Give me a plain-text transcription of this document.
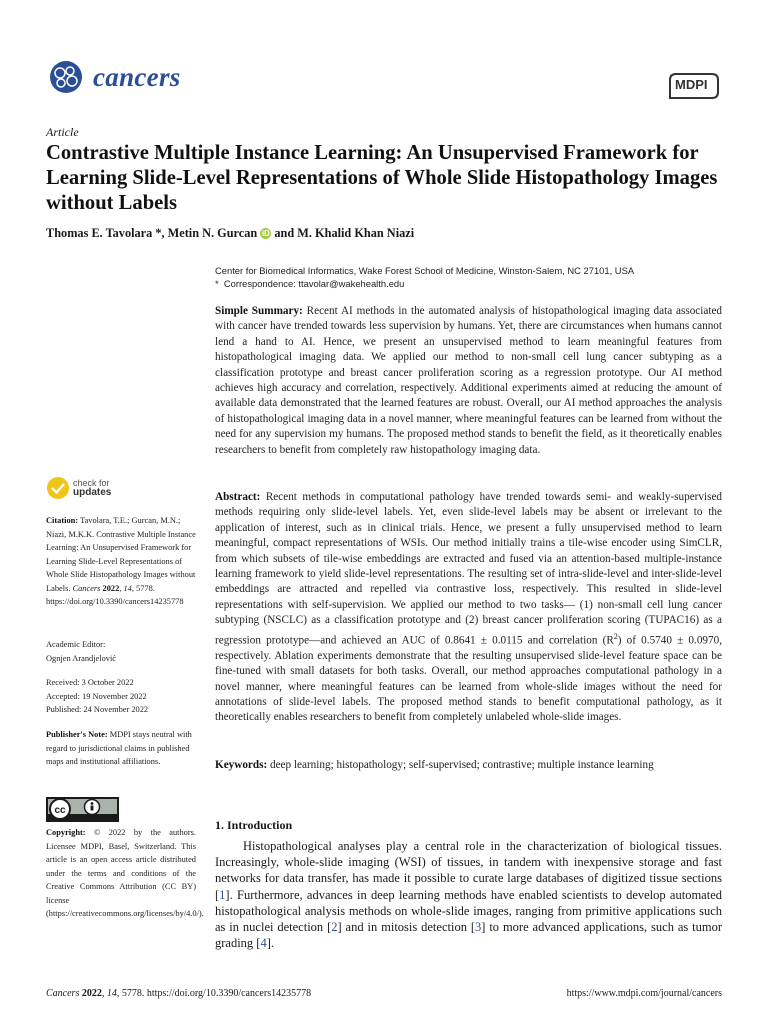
cancers	MDPI
Article
Contrastive Multiple Instance Learning: An Unsupervised Framework for Learning Slide-Level Representations of Whole Slide Histopathology Images without Labels
Thomas E. Tavolara *, Metin N. Gurcan iD and M. Khalid Khan Niazi
Center for Biomedical Informatics, Wake Forest School of Medicine, Winston-Salem, NC 27101, USA
* Correspondence: ttavolar@wakehealth.edu
Simple Summary: Recent AI methods in the automated analysis of histopathological imaging data associated with cancer have trended towards less supervision by humans. Yet, there are circumstances when humans cannot lend a hand to AI. Hence, we present an unsupervised method to learn meaningful features from histopathological imaging data. We applied our method to non-small cell lung cancer subtyping as a classification prototype and breast cancer proliferation scoring as a regression prototype. Our AI method achieves high accuracy and correlation, respectively. Additional experiments aimed at reducing the amount of available data demonstrated that the learned features are robust. Overall, our AI method approaches the analysis of histopathological imaging data in a novel manner, where meaningful features can be learned from without the need for any supervision my humans. The proposed method stands to benefit the field, as it theoretically enables researchers to benefit from completely raw histopathology imaging data.
Abstract: Recent methods in computational pathology have trended towards semi- and weakly-supervised methods requiring only slide-level labels. Yet, even slide-level labels may be absent or irrelevant to the application of interest, such as in clinical trials. Hence, we present a fully unsupervised method to learn meaningful, compact representations of WSIs. Our method initially trains a tile-wise encoder using SimCLR, from which subsets of tile-wise embeddings are extracted and fused via an attention-based multiple-instance learning framework to yield slide-level representations. The resulting set of intra-slide-level and inter-slide-level embeddings are attracted and repelled via contrastive loss, respectively. This resulted in slide-level representations with self-supervision. We applied our method to two tasks— (1) non-small cell lung cancer subtyping (NSCLC) as a classification prototype and (2) breast cancer proliferation scoring (TUPAC16) as a regression prototype—and achieved an AUC of 0.8641 ± 0.0115 and correlation $(R^2)$ of 0.5740 ± 0.0970, respectively. Ablation experiments demonstrate that the resulting unsupervised slide-level feature space can be fine-tuned with small datasets for both tasks. Overall, our method approaches computational pathology in a novel manner, where meaningful features can be learned from whole-slide images without the need for annotations of slide-level labels. The proposed method stands to benefit computational pathology, as it theoretically enables researchers to benefit from completely unlabeled whole-slide images.
Keywords: deep learning; histopathology; self-supervised; contrastive; multiple instance learning
1. Introduction
Histopathological analyses play a central role in the characterization of biological tissues. Increasingly, whole-slide imaging (WSI) of tissues, in tandem with inexpensive storage and fast networks for data transfer, has made it possible to curate large databases of digitized tissue sections [1]. Furthermore, advances in deep learning methods have enabled scientists to develop automated histopathological analysis methods on whole-slide images, ranging from primitive applications such as in nuclei detection [2] and in mitosis detection [3] to more advanced applications, such as tumor grading [4].
check for
updates
Citation: Tavolara, T.E.; Gurcan, M.N.; Niazi, M.K.K. Contrastive Multiple Instance Learning: An Unsupervised Framework for Learning Slide-Level Representations of Whole Slide Histopathology Images without Labels. Cancers 2022, 14, 5778. https://doi.org/10.3390/cancers14235778
Academic Editor:
Ognjen Arandjelović
Received: 3 October 2022
Accepted: 19 November 2022
Published: 24 November 2022
Publisher's Note: MDPI stays neutral with regard to jurisdictional claims in published maps and institutional affiliations.
cc
Copyright: © 2022 by the authors. Licensee MDPI, Basel, Switzerland. This article is an open access article distributed under the terms and conditions of the Creative Commons Attribution (CC BY) license (https://creativecommons.org/licenses/by/4.0/).
Cancers 2022, 14, 5778. https://doi.org/10.3390/cancers14235778	https://www.mdpi.com/journal/cancers
